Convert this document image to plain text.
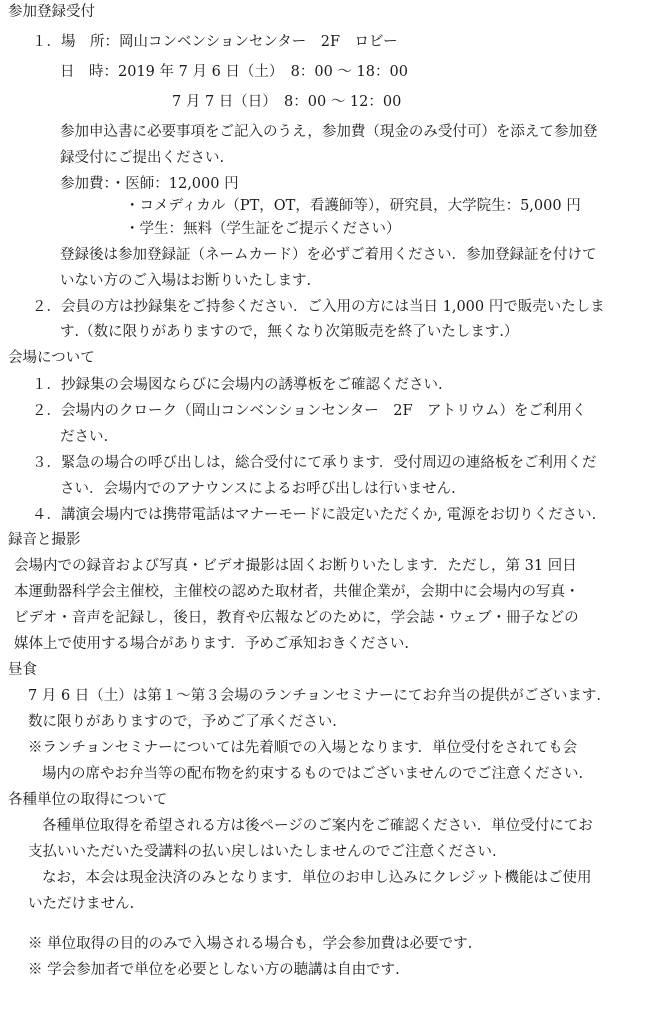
参加登録受付
１．場　所：岡山コンベンションセンター　2F　ロビー
日　時：2019 年 7 月 6 日（土）　8：00 ～ 18：00
7 月 7 日（日）　8：00 ～ 12：00
参加申込書に必要事項をご記入のうえ，参加費（現金のみ受付可）を添えて参加登
録受付にご提出ください.
参加費：・医師：12,000 円
・コメディカル（PT，OT，看護師等），研究員，大学院生：5,000 円
・学生：無料（学生証をご提示ください）
登録後は参加登録証（ネームカード）を必ずご着用ください．参加登録証を付けて
いない方のご入場はお断りいたします.
２．会員の方は抄録集をご持参ください．ご入用の方には当日 1,000 円で販売いたしま
す.（数に限りがありますので，無くなり次第販売を終了いたします.）
会場について
１．抄録集の会場図ならびに会場内の誘導板をご確認ください.
２．会場内のクローク（岡山コンベンションセンター　2F　アトリウム）をご利用く
ださい.
３．緊急の場合の呼び出しは，総合受付にて承ります．受付周辺の連絡板をご利用くだ
さい．会場内でのアナウンスによるお呼び出しは行いません.
４．講演会場内では携帯電話はマナーモードに設定いただくか, 電源をお切りください.
録音と撮影
会場内での録音および写真・ビデオ撮影は固くお断りいたします．ただし，第 31 回日
本運動器科学会主催校，主催校の認めた取材者，共催企業が，会期中に会場内の写真・
ビデオ・音声を記録し，後日，教育や広報などのために，学会誌・ウェブ・冊子などの
媒体上で使用する場合があります．予めご承知おきください.
昼食
7 月 6 日（土）は第１～第３会場のランチョンセミナーにてお弁当の提供がございます.
数に限りがありますので，予めご了承ください.
※ランチョンセミナーについては先着順での入場となります．単位受付をされても会
場内の席やお弁当等の配布物を約束するものではございませんのでご注意ください.
各種単位の取得について
各種単位取得を希望される方は後ページのご案内をご確認ください．単位受付にてお
支払いいただいた受講料の払い戻しはいたしませんのでご注意ください.
なお，本会は現金決済のみとなります．単位のお申し込みにクレジット機能はご使用
いただけません.
※ 単位取得の目的のみで入場される場合も，学会参加費は必要です.
※ 学会参加者で単位を必要としない方の聴講は自由です.
